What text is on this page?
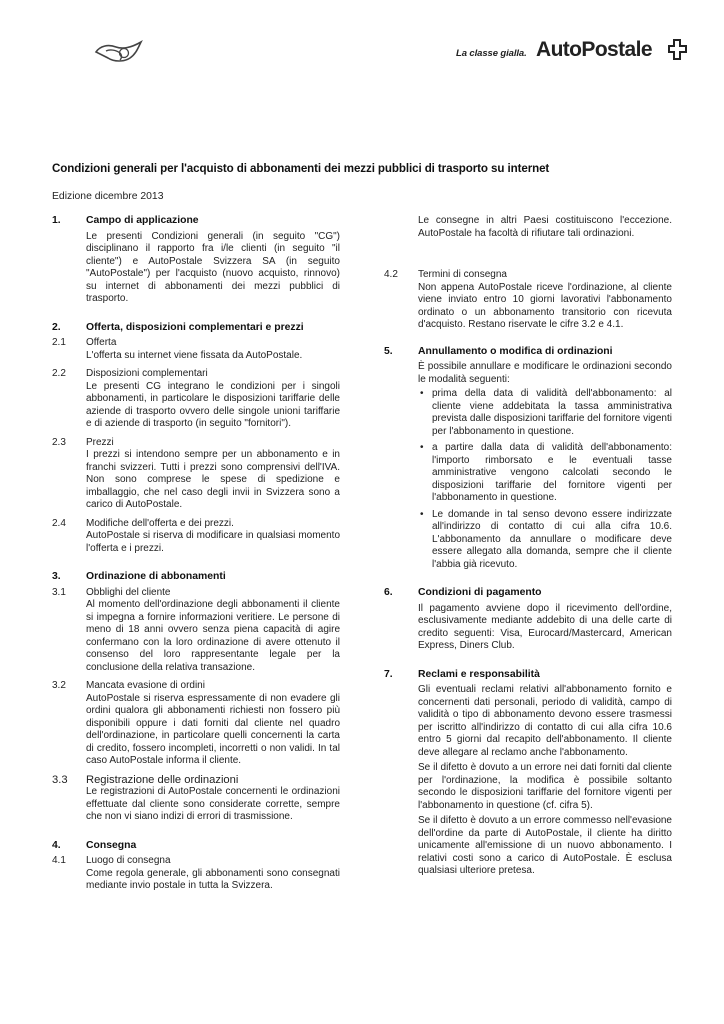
La classe gialla. AutoPostale
Condizioni generali per l'acquisto di abbonamenti dei mezzi pubblici di trasporto su internet
Edizione dicembre 2013
1.	Campo di applicazione
Le presenti Condizioni generali (in seguito "CG") disciplinano il rapporto fra i/le clienti (in seguito "il cliente") e AutoPostale Svizzera SA (in seguito "AutoPostale") per l'acquisto (nuovo acquisto, rinnovo) su internet di abbonamenti dei mezzi pubblici di trasporto.
2.	Offerta, disposizioni complementari e prezzi
2.1	Offerta
L'offerta su internet viene fissata da AutoPostale.
2.2	Disposizioni complementari
Le presenti CG integrano le condizioni per i singoli abbonamenti, in particolare le disposizioni tariffarie delle aziende di trasporto ovvero delle singole unioni tariffarie e di aziende di trasporto (in seguito "fornitori").
2.3	Prezzi
I prezzi si intendono sempre per un abbonamento e in franchi svizzeri. Tutti i prezzi sono comprensivi dell'IVA. Non sono comprese le spese di spedizione e imballaggio, che nel caso degli invii in Svizzera sono a carico di AutoPostale.
2.4	Modifiche dell'offerta e dei prezzi.
AutoPostale si riserva di modificare in qualsiasi momento l'offerta e i prezzi.
3.	Ordinazione di abbonamenti
3.1	Obblighi del cliente
Al momento dell'ordinazione degli abbonamenti il cliente si impegna a fornire informazioni veritiere. Le persone di meno di 18 anni ovvero senza piena capacità di agire confermano con la loro ordinazione di avere ottenuto il consenso del loro rappresentante legale per la conclusione della relativa transazione.
3.2	Mancata evasione di ordini
AutoPostale si riserva espressamente di non evadere gli ordini qualora gli abbonamenti richiesti non fossero più disponibili oppure i dati forniti dal cliente nel quadro dell'ordinazione, in particolare quelli concernenti la carta di credito, fossero incompleti, incorretti o non validi. In tal caso AutoPostale informa il cliente.
3.3	Registrazione delle ordinazioni
Le registrazioni di AutoPostale concernenti le ordinazioni effettuate dal cliente sono considerate corrette, sempre che non vi siano indizi di errori di trasmissione.
4.	Consegna
4.1	Luogo di consegna
Come regola generale, gli abbonamenti sono consegnati mediante invio postale in tutta la Svizzera.
Le consegne in altri Paesi costituiscono l'eccezione. AutoPostale ha facoltà di rifiutare tali ordinazioni.
4.2	Termini di consegna
Non appena AutoPostale riceve l'ordinazione, al cliente viene inviato entro 10 giorni lavorativi l'abbonamento ordinato o un abbonamento transitorio con ricevuta d'acquisto. Restano riservate le cifre 3.2 e 4.1.
5.	Annullamento o modifica di ordinazioni
È possibile annullare e modificare le ordinazioni secondo le modalità seguenti:
• prima della data di validità dell'abbonamento: al cliente viene addebitata la tassa amministrativa prevista dalle disposizioni tariffarie del fornitore vigenti per l'abbonamento in questione.
• a partire dalla data di validità dell'abbonamento: l'importo rimborsato e le eventuali tasse amministrative vengono calcolati secondo le disposizioni tariffarie del fornitore vigenti per l'abbonamento in questione.
• Le domande in tal senso devono essere indirizzate all'indirizzo di contatto di cui alla cifra 10.6. L'abbonamento da annullare o modificare deve essere allegato alla domanda, sempre che il cliente l'abbia già ricevuto.
6.	Condizioni di pagamento
Il pagamento avviene dopo il ricevimento dell'ordine, esclusivamente mediante addebito di una delle carte di credito seguenti: Visa, Eurocard/Mastercard, American Express, Diners Club.
7.	Reclami e responsabilità
Gli eventuali reclami relativi all'abbonamento fornito e concernenti dati personali, periodo di validità, campo di validità o tipo di abbonamento devono essere trasmessi per iscritto all'indirizzo di contatto di cui alla cifra 10.6 entro 5 giorni dal recapito dell'abbonamento. Il cliente deve allegare al reclamo anche l'abbonamento.
Se il difetto è dovuto a un errore nei dati forniti dal cliente per l'ordinazione, la modifica è possibile soltanto secondo le disposizioni tariffarie del fornitore vigenti per l'abbonamento in questione (cf. cifra 5).
Se il difetto è dovuto a un errore commesso nell'evasione dell'ordine da parte di AutoPostale, il cliente ha diritto unicamente all'emissione di un nuovo abbonamento. I relativi costi sono a carico di AutoPostale. È esclusa qualsiasi ulteriore pretesa.
